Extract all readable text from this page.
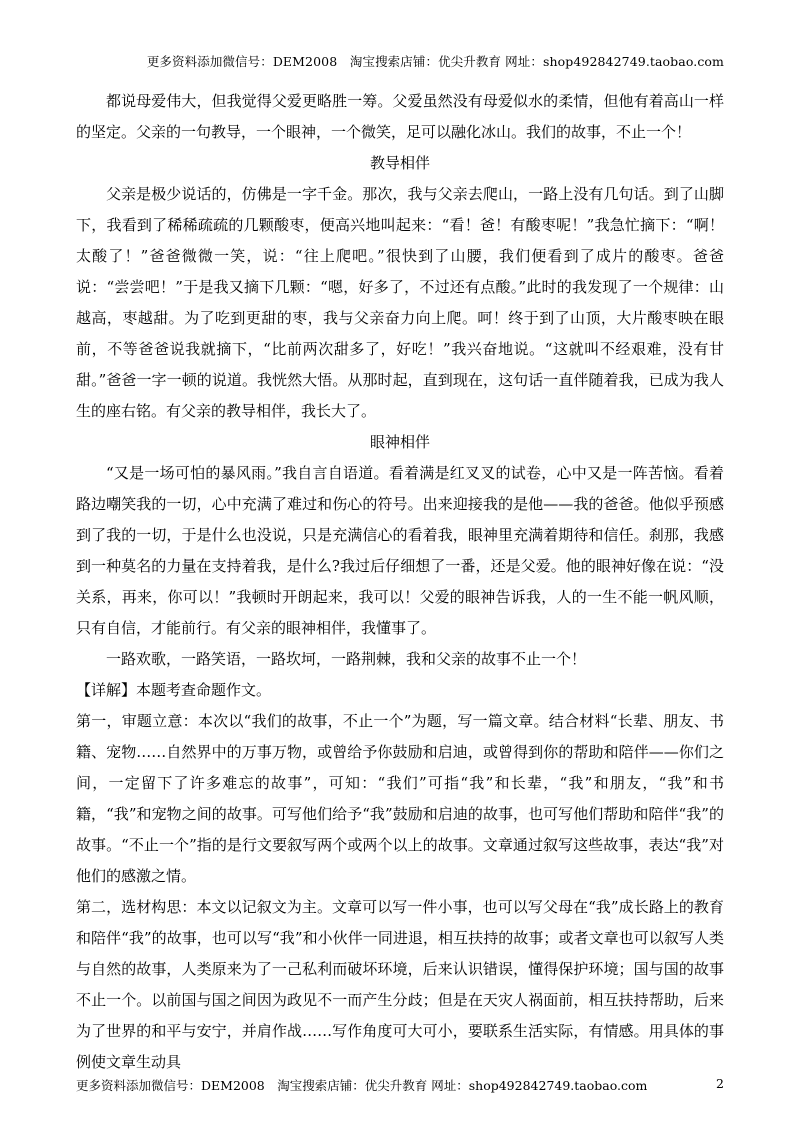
更多资料添加微信号：DEM2008　淘宝搜索店铺：优尖升教育 网址：shop492842749.taobao.com

都说母爱伟大，但我觉得父爱更略胜一筹。父爱虽然没有母爱似水的柔情，但他有着高山一样的坚定。父亲的一句教导，一个眼神，一个微笑，足可以融化冰山。我们的故事，不止一个！

教导相伴

父亲是极少说话的，仿佛是一字千金。那次，我与父亲去爬山，一路上没有几句话。到了山脚下，我看到了稀稀疏疏的几颗酸枣，便高兴地叫起来：“看！爸！有酸枣呢！”我急忙摘下：“啊！太酸了！”爸爸微微一笑，说：“往上爬吧。”很快到了山腰，我们便看到了成片的酸枣。爸爸说：“尝尝吧！”于是我又摘下几颗：“嗯，好多了，不过还有点酸。”此时的我发现了一个规律：山越高，枣越甜。为了吃到更甜的枣，我与父亲奋力向上爬。呵！终于到了山顶，大片酸枣映在眼前，不等爸爸说我就摘下，“比前两次甜多了，好吃！”我兴奋地说。“这就叫不经艰难，没有甘甜。”爸爸一字一顿的说道。我恍然大悟。从那时起，直到现在，这句话一直伴随着我，已成为我人生的座右铭。有父亲的教导相伴，我长大了。

眼神相伴

“又是一场可怕的暴风雨。”我自言自语道。看着满是红叉叉的试卷，心中又是一阵苦恼。看着路边嘲笑我的一切，心中充满了难过和伤心的符号。出来迎接我的是他——我的爸爸。他似乎预感到了我的一切，于是什么也没说，只是充满信心的看着我，眼神里充满着期待和信任。刹那，我感到一种莫名的力量在支持着我，是什么?我过后仔细想了一番，还是父爱。他的眼神好像在说：“没关系，再来，你可以！”我顿时开朗起来，我可以！父爱的眼神告诉我，人的一生不能一帆风顺，只有自信，才能前行。有父亲的眼神相伴，我懂事了。

一路欢歌，一路笑语，一路坎坷，一路荆棘，我和父亲的故事不止一个！

【详解】本题考查命题作文。

第一，审题立意：本次以“我们的故事，不止一个”为题，写一篇文章。结合材料“长辈、朋友、书籍、宠物……自然界中的万事万物，或曾给予你鼓励和启迪，或曾得到你的帮助和陪伴——你们之间，一定留下了许多难忘的故事”，可知：“我们”可指“我”和长辈，“我”和朋友，“我”和书籍，“我”和宠物之间的故事。可写他们给予“我”鼓励和启迪的故事，也可写他们帮助和陪伴“我”的故事。“不止一个”指的是行文要叙写两个或两个以上的故事。文章通过叙写这些故事，表达“我”对他们的感激之情。

第二，选材构思：本文以记叙文为主。文章可以写一件小事，也可以写父母在“我”成长路上的教育和陪伴“我”的故事，也可以写“我”和小伙伴一同进退，相互扶持的故事；或者文章也可以叙写人类与自然的故事，人类原来为了一己私利而破坏环境，后来认识错误，懂得保护环境；国与国的故事不止一个。以前国与国之间因为政见不一而产生分歧；但是在天灾人祸面前，相互扶持帮助，后来为了世界的和平与安宁，并肩作战……写作角度可大可小，要联系生活实际，有情感。用具体的事例使文章生动具

更多资料添加微信号：DEM2008　淘宝搜索店铺：优尖升教育 网址：shop492842749.taobao.com	2
